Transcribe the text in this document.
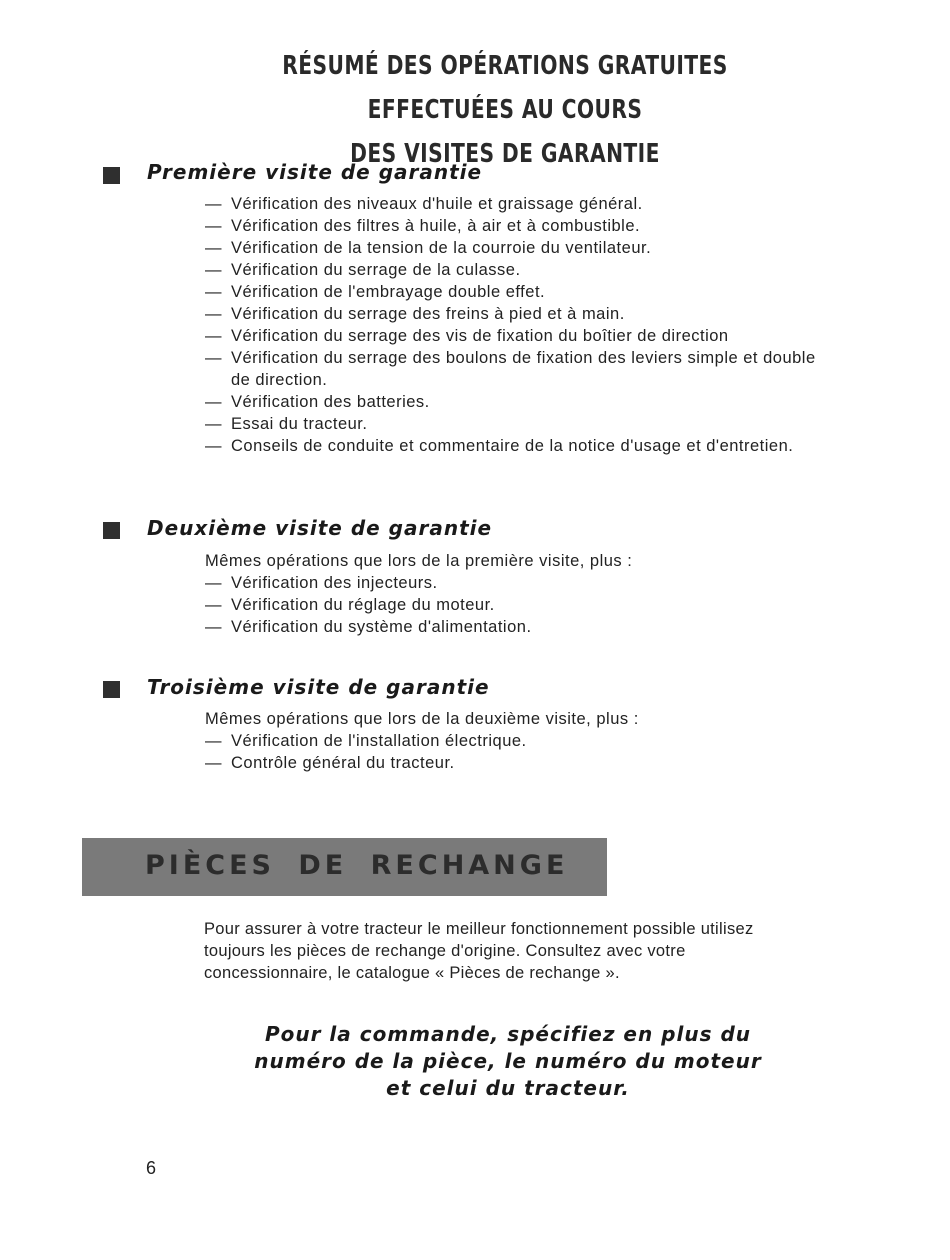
RÉSUMÉ DES OPÉRATIONS GRATUITES EFFECTUÉES AU COURS
DES VISITES DE GARANTIE
Première visite de garantie
— Vérification des niveaux d'huile et graissage général.
— Vérification des filtres à huile, à air et à combustible.
— Vérification de la tension de la courroie du ventilateur.
— Vérification du serrage de la culasse.
— Vérification de l'embrayage double effet.
— Vérification du serrage des freins à pied et à main.
— Vérification du serrage des vis de fixation du boîtier de direction
— Vérification du serrage des boulons de fixation des leviers simple et double de direction.
— Vérification des batteries.
— Essai du tracteur.
— Conseils de conduite et commentaire de la notice d'usage et d'entretien.
Deuxième visite de garantie
Mêmes opérations que lors de la première visite, plus :
— Vérification des injecteurs.
— Vérification du réglage du moteur.
— Vérification du système d'alimentation.
Troisième visite de garantie
Mêmes opérations que lors de la deuxième visite, plus :
— Vérification de l'installation électrique.
— Contrôle général du tracteur.

PIÈCES DE RECHANGE

Pour assurer à votre tracteur le meilleur fonctionnement possible utilisez toujours les pièces de rechange d'origine. Consultez avec votre concessionnaire, le catalogue « Pièces de rechange ».

Pour la commande, spécifiez en plus du
numéro de la pièce, le numéro du moteur
et celui du tracteur.

6
